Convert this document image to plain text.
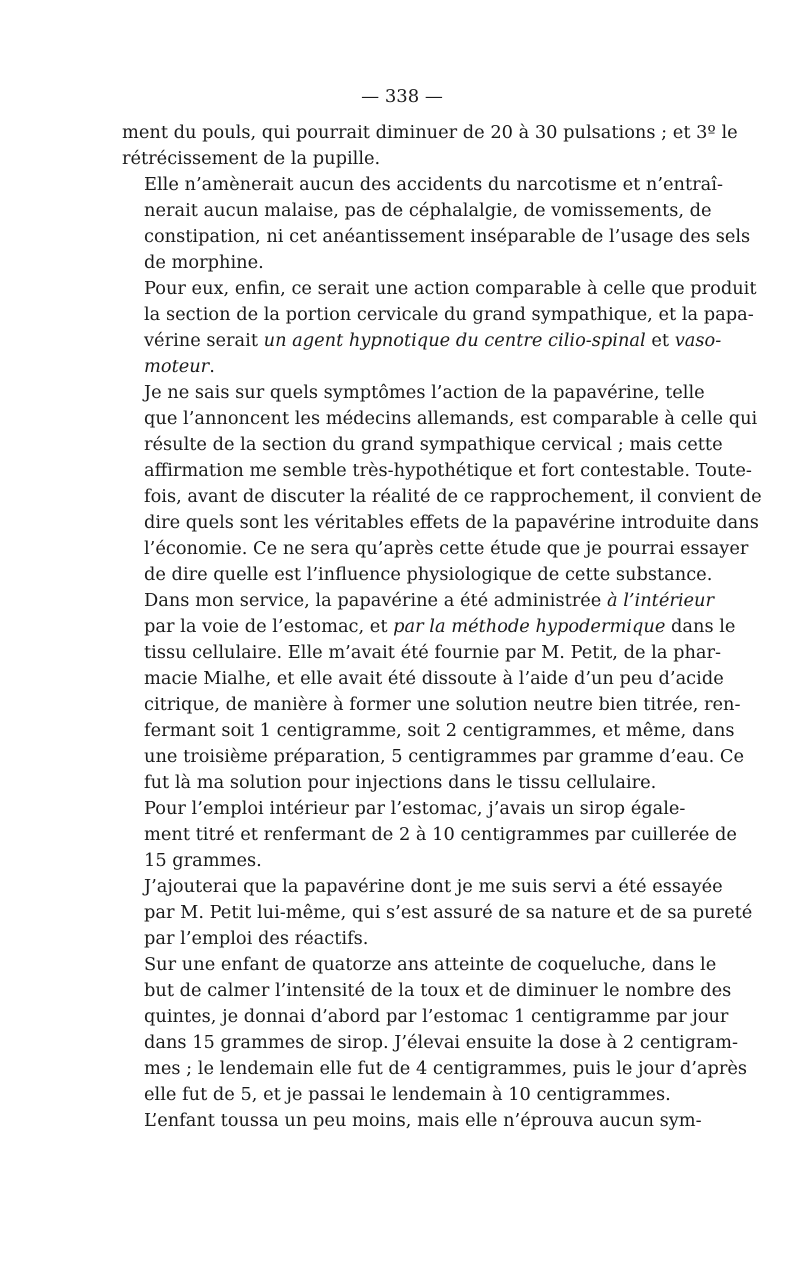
— 338 —
ment du pouls, qui pourrait diminuer de 20 à 30 pulsations ; et 3º le
rétrécissement de la pupille.
Elle n’amènerait aucun des accidents du narcotisme et n’entraî-
nerait aucun malaise, pas de céphalalgie, de vomissements, de
constipation, ni cet anéantissement inséparable de l’usage des sels
de morphine.
Pour eux, enfin, ce serait une action comparable à celle que produit
la section de la portion cervicale du grand sympathique, et la papa-
vérine serait un agent hypnotique du centre cilio-spinal et vaso-
moteur.
Je ne sais sur quels symptômes l’action de la papavérine, telle
que l’annoncent les médecins allemands, est comparable à celle qui
résulte de la section du grand sympathique cervical ; mais cette
affirmation me semble très-hypothétique et fort contestable. Toute-
fois, avant de discuter la réalité de ce rapprochement, il convient de
dire quels sont les véritables effets de la papavérine introduite dans
l’économie. Ce ne sera qu’après cette étude que je pourrai essayer
de dire quelle est l’influence physiologique de cette substance.
Dans mon service, la papavérine a été administrée à l’intérieur
par la voie de l’estomac, et par la méthode hypodermique dans le
tissu cellulaire. Elle m’avait été fournie par M. Petit, de la phar-
macie Mialhe, et elle avait été dissoute à l’aide d’un peu d’acide
citrique, de manière à former une solution neutre bien titrée, ren-
fermant soit 1 centigramme, soit 2 centigrammes, et même, dans
une troisième préparation, 5 centigrammes par gramme d’eau. Ce
fut là ma solution pour injections dans le tissu cellulaire.
Pour l’emploi intérieur par l’estomac, j’avais un sirop égale-
ment titré et renfermant de 2 à 10 centigrammes par cuillerée de
15 grammes.
J’ajouterai que la papavérine dont je me suis servi a été essayée
par M. Petit lui-même, qui s’est assuré de sa nature et de sa pureté
par l’emploi des réactifs.
Sur une enfant de quatorze ans atteinte de coqueluche, dans le
but de calmer l’intensité de la toux et de diminuer le nombre des
quintes, je donnai d’abord par l’estomac 1 centigramme par jour
dans 15 grammes de sirop. J’élevai ensuite la dose à 2 centigram-
mes ; le lendemain elle fut de 4 centigrammes, puis le jour d’après
elle fut de 5, et je passai le lendemain à 10 centigrammes.
L’enfant toussa un peu moins, mais elle n’éprouva aucun sym-
